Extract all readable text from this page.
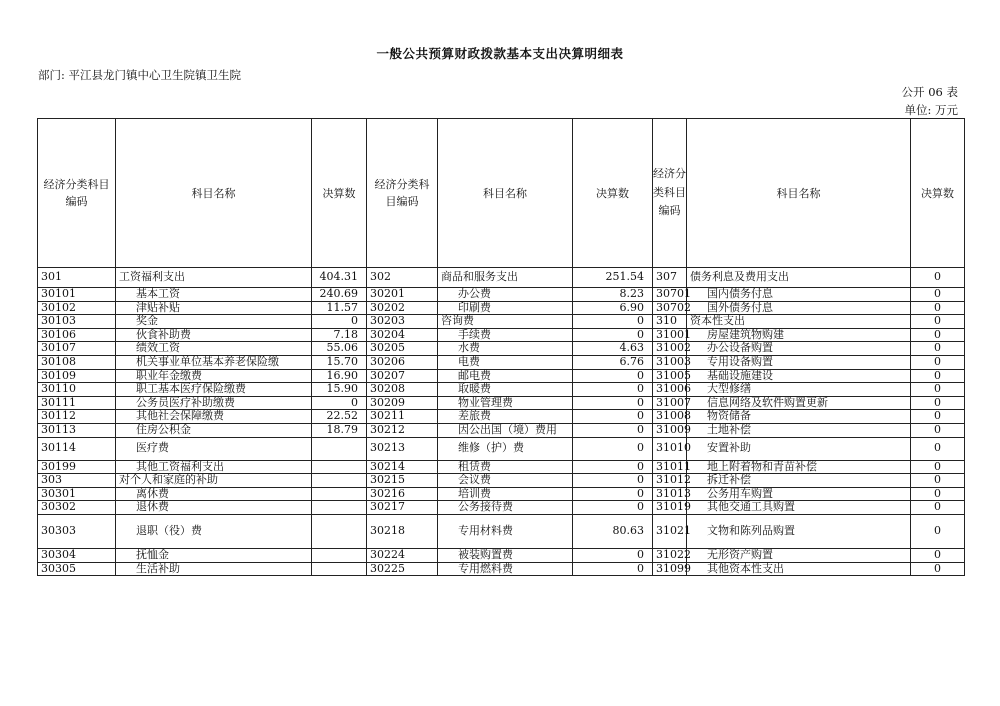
一般公共预算财政拨款基本支出决算明细表
部门: 平江县龙门镇中心卫生院镇卫生院
公开 06 表
单位: 万元
经济分类科目编码	科目名称	决算数	经济分类科目编码	科目名称	决算数	经济分类科目编码	科目名称	决算数
301	工资福利支出	404.31	302	商品和服务支出	251.54	307	债务利息及费用支出	0
30101	基本工资	240.69	30201	办公费	8.23	30701	国内债务付息	0
30102	津贴补贴	11.57	30202	印刷费	6.90	30702	国外债务付息	0
30103	奖金	0	30203	咨询费	0	310	资本性支出	0
30106	伙食补助费	7.18	30204	手续费	0	31001	房屋建筑物购建	0
30107	绩效工资	55.06	30205	水费	4.63	31002	办公设备购置	0
30108	机关事业单位基本养老保险缴	15.70	30206	电费	6.76	31003	专用设备购置	0
30109	职业年金缴费	16.90	30207	邮电费	0	31005	基础设施建设	0
30110	职工基本医疗保险缴费	15.90	30208	取暖费	0	31006	大型修缮	0
30111	公务员医疗补助缴费	0	30209	物业管理费	0	31007	信息网络及软件购置更新	0
30112	其他社会保障缴费	22.52	30211	差旅费	0	31008	物资储备	0
30113	住房公积金	18.79	30212	因公出国（境）费用	0	31009	土地补偿	0
30114	医疗费		30213	维修（护）费	0	31010	安置补助	0
30199	其他工资福利支出		30214	租赁费	0	31011	地上附着物和青苗补偿	0
303	对个人和家庭的补助		30215	会议费	0	31012	拆迁补偿	0
30301	离休费		30216	培训费	0	31013	公务用车购置	0
30302	退休费		30217	公务接待费	0	31019	其他交通工具购置	0
30303	退职（役）费		30218	专用材料费	80.63	31021	文物和陈列品购置	0
30304	抚恤金		30224	被装购置费	0	31022	无形资产购置	0
30305	生活补助		30225	专用燃料费	0	31099	其他资本性支出	0
